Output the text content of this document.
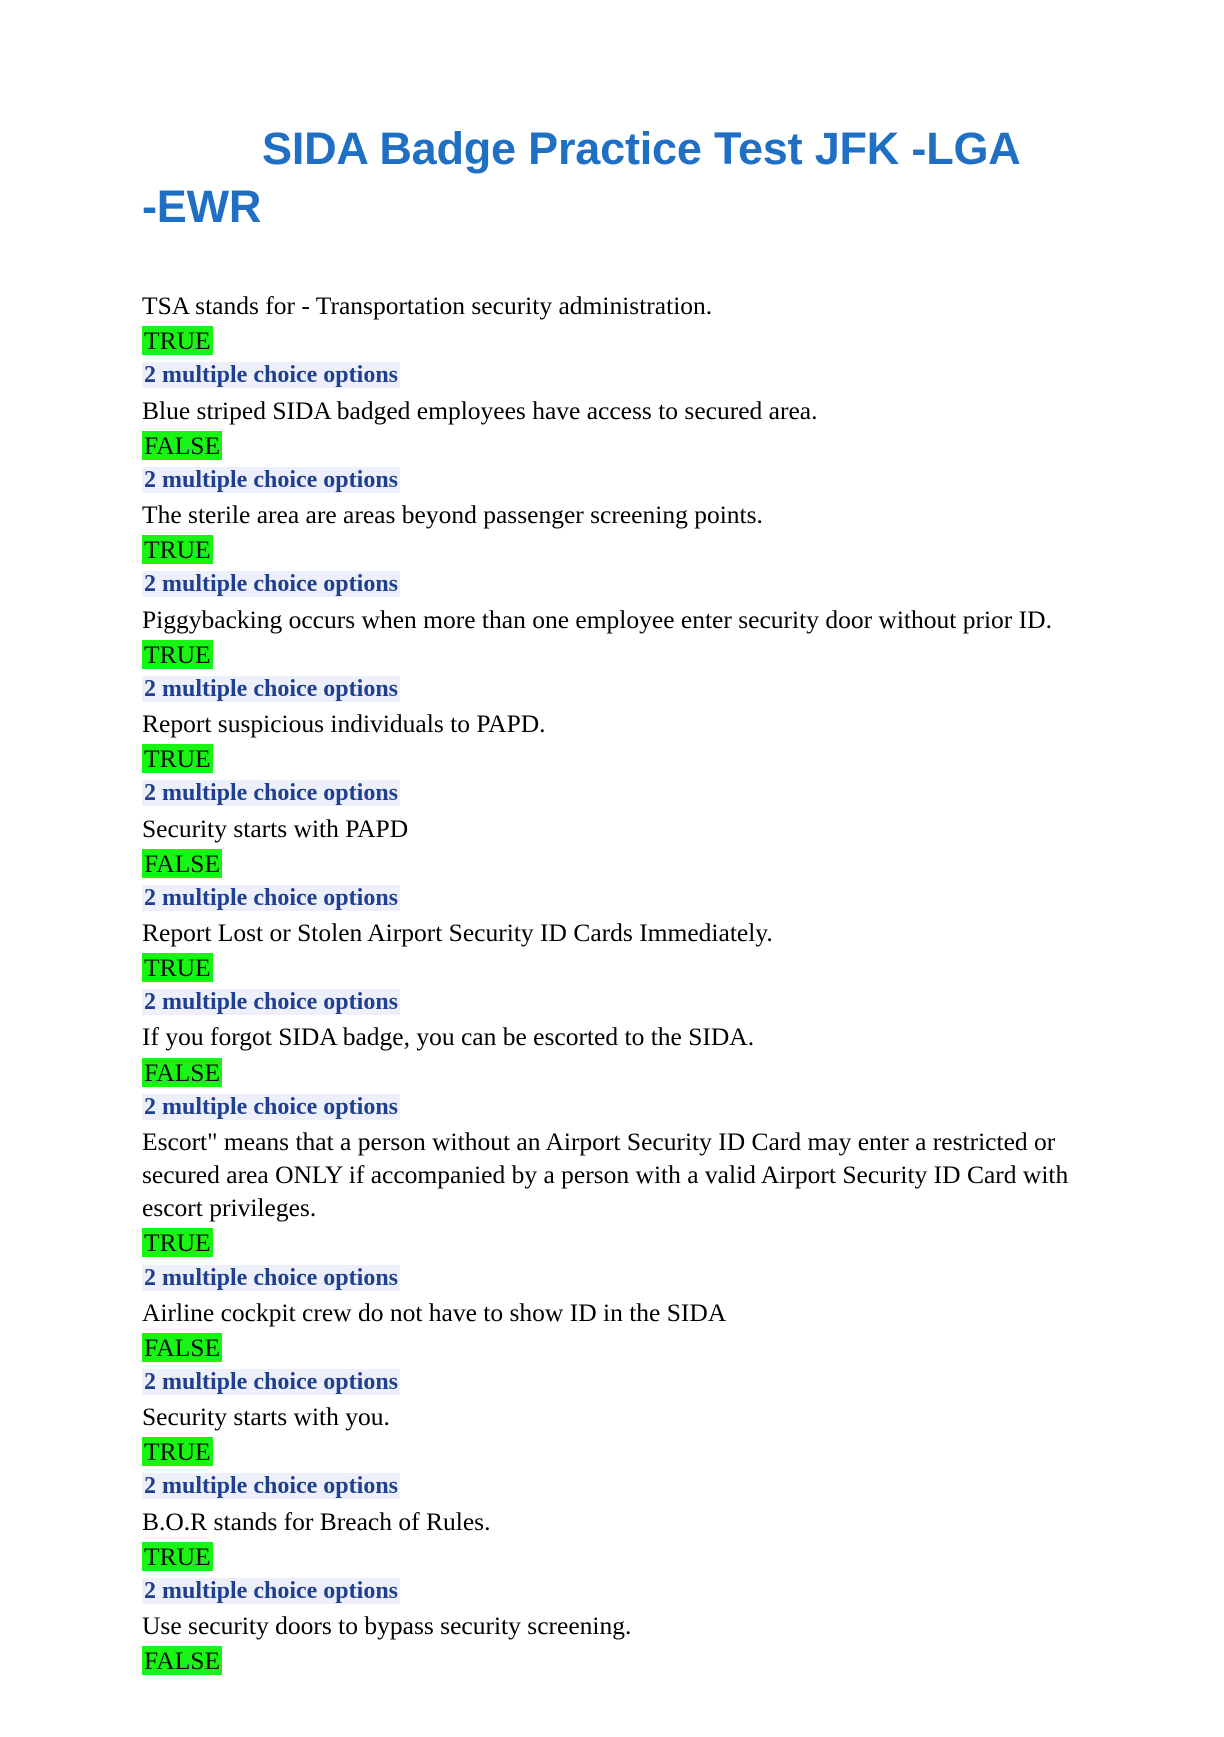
SIDA Badge Practice Test JFK -LGA
-EWR

TSA stands for - Transportation security administration.

TRUE

2 multiple choice options

Blue striped SIDA badged employees have access to secured area.

FALSE

2 multiple choice options

The sterile area are areas beyond passenger screening points.

TRUE

2 multiple choice options

Piggybacking occurs when more than one employee enter security door without prior ID.

TRUE

2 multiple choice options

Report suspicious individuals to PAPD.

TRUE

2 multiple choice options

Security starts with PAPD

FALSE

2 multiple choice options

Report Lost or Stolen Airport Security ID Cards Immediately.

TRUE

2 multiple choice options

If you forgot SIDA badge, you can be escorted to the SIDA.

FALSE

2 multiple choice options

Escort" means that a person without an Airport Security ID Card may enter a restricted or secured area ONLY if accompanied by a person with a valid Airport Security ID Card with escort privileges.

TRUE

2 multiple choice options

Airline cockpit crew do not have to show ID in the SIDA

FALSE

2 multiple choice options

Security starts with you.

TRUE

2 multiple choice options

B.O.R stands for Breach of Rules.

TRUE

2 multiple choice options

Use security doors to bypass security screening.

FALSE
